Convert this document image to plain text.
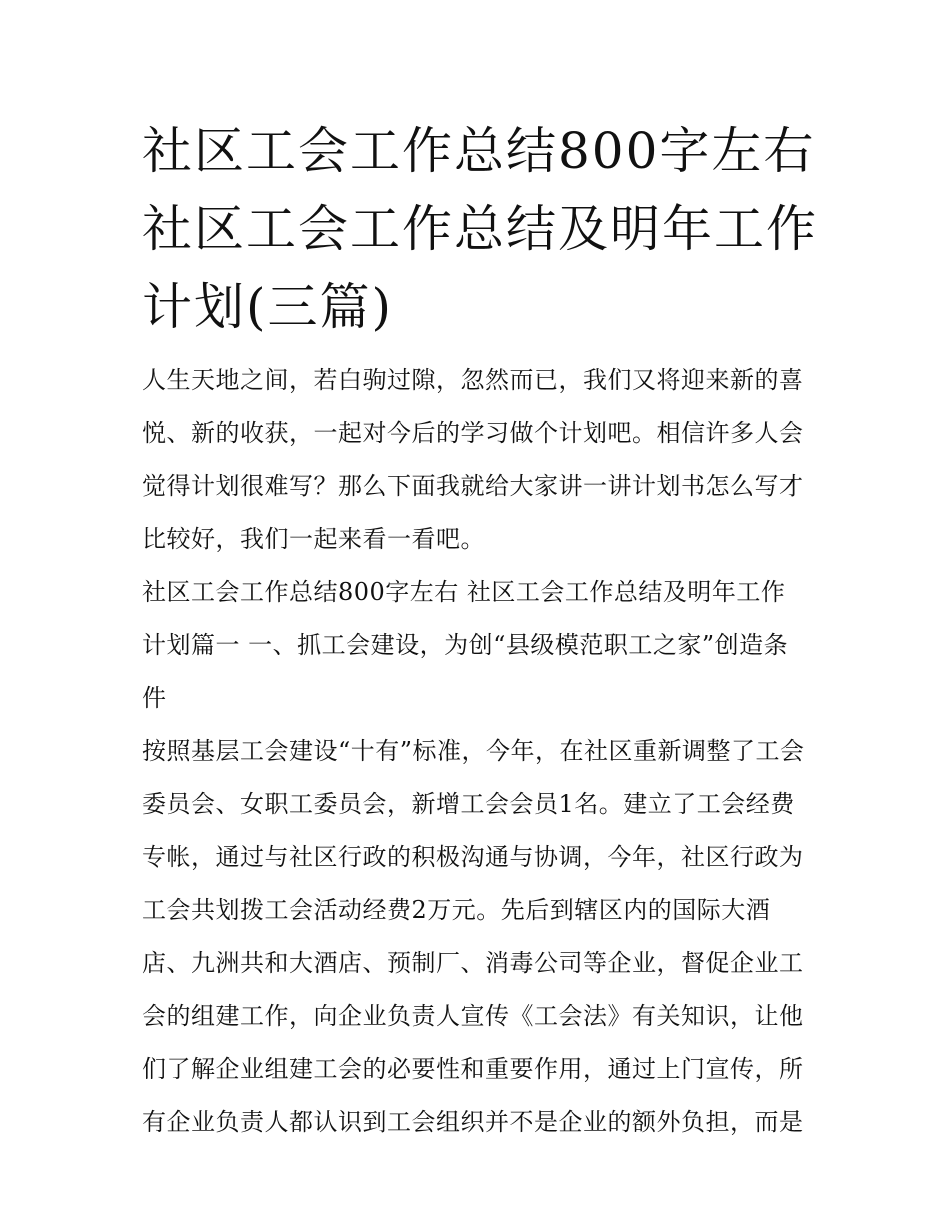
社区工会工作总结800字左右
社区工会工作总结及明年工作
计划(三篇)
人生天地之间，若白驹过隙，忽然而已，我们又将迎来新的喜
悦、新的收获，一起对今后的学习做个计划吧。相信许多人会
觉得计划很难写？那么下面我就给大家讲一讲计划书怎么写才
比较好，我们一起来看一看吧。
社区工会工作总结800字左右 社区工会工作总结及明年工作
计划篇一 一、抓工会建设，为创“县级模范职工之家”创造条
件
按照基层工会建设“十有”标准，今年，在社区重新调整了工会
委员会、女职工委员会，新增工会会员1名。建立了工会经费
专帐，通过与社区行政的积极沟通与协调，今年，社区行政为
工会共划拨工会活动经费2万元。先后到辖区内的国际大酒
店、九洲共和大酒店、预制厂、消毒公司等企业，督促企业工
会的组建工作，向企业负责人宣传《工会法》有关知识，让他
们了解企业组建工会的必要性和重要作用，通过上门宣传，所
有企业负责人都认识到工会组织并不是企业的额外负担，而是
